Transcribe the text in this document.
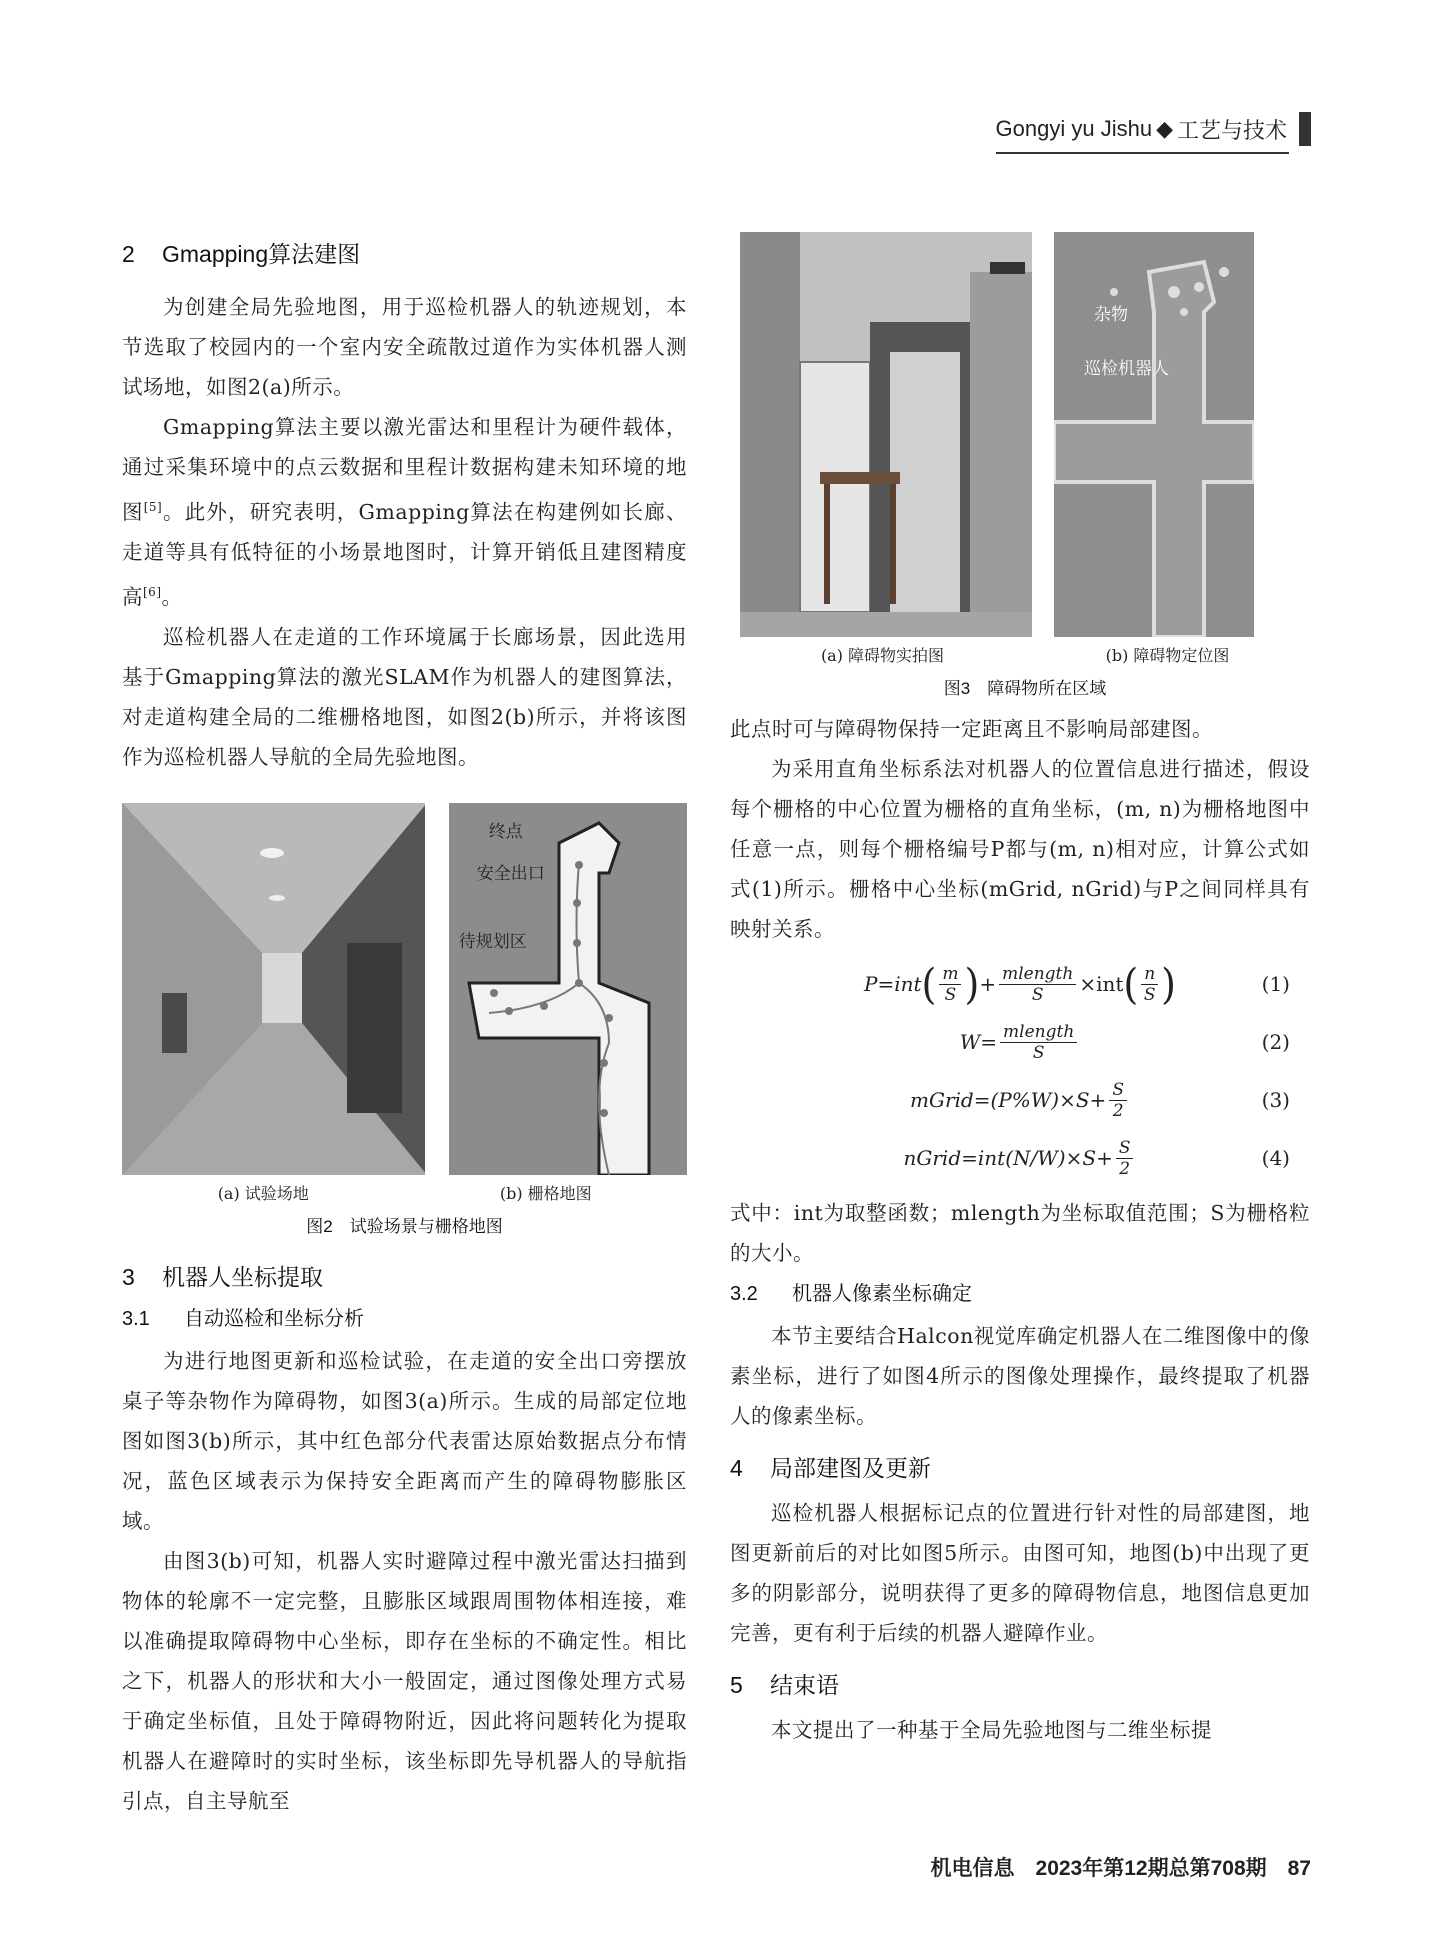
Gongyi yu Jishu ◆ 工艺与技术
2 Gmapping算法建图

为创建全局先验地图，用于巡检机器人的轨迹规划，本节选取了校园内的一个室内安全疏散过道作为实体机器人测试场地，如图2(a)所示。

Gmapping算法主要以激光雷达和里程计为硬件载体，通过采集环境中的点云数据和里程计数据构建未知环境的地图[5]。此外，研究表明，Gmapping算法在构建例如长廊、走道等具有低特征的小场景地图时，计算开销低且建图精度高[6]。

巡检机器人在走道的工作环境属于长廊场景，因此选用基于Gmapping算法的激光SLAM作为机器人的建图算法，对走道构建全局的二维栅格地图，如图2(b)所示，并将该图作为巡检机器人导航的全局先验地图。

终点
安全出口
待规划区
(a) 试验场地	(b) 栅格地图
图2　试验场景与栅格地图
3 机器人坐标提取
3.1 自动巡检和坐标分析

为进行地图更新和巡检试验，在走道的安全出口旁摆放桌子等杂物作为障碍物，如图3(a)所示。生成的局部定位地图如图3(b)所示，其中红色部分代表雷达原始数据点分布情况，蓝色区域表示为保持安全距离而产生的障碍物膨胀区域。

由图3(b)可知，机器人实时避障过程中激光雷达扫描到物体的轮廓不一定完整，且膨胀区域跟周围物体相连接，难以准确提取障碍物中心坐标，即存在坐标的不确定性。相比之下，机器人的形状和大小一般固定，通过图像处理方式易于确定坐标值，且处于障碍物附近，因此将问题转化为提取机器人在避障时的实时坐标，该坐标即先导机器人的导航指引点，自主导航至

杂物
巡检机器人
(a) 障碍物实拍图	(b) 障碍物定位图
图3　障碍物所在区域

此点时可与障碍物保持一定距离且不影响局部建图。

为采用直角坐标系法对机器人的位置信息进行描述，假设每个栅格的中心位置为栅格的直角坐标，(m, n)为栅格地图中任意一点，则每个栅格编号P都与(m, n)相对应，计算公式如式(1)所示。栅格中心坐标(mGrid, nGrid)与P之间同样具有映射关系。

P=int ( $\frac{m}{S}$ ) + $\frac{\text{mlength}}{S} \times int$ ( $\frac{n}{S}$ )	(1)
$W= \frac{\text{mlength}}{S}$	(2)
mGrid=(P%W)×S+ $\frac{S}{2}$	(3)
nGrid=int(N/W)×S+ $\frac{S}{2}$	(4)

式中：int为取整函数；mlength为坐标取值范围；S为栅格粒的大小。

3.2 机器人像素坐标确定

本节主要结合Halcon视觉库确定机器人在二维图像中的像素坐标，进行了如图4所示的图像处理操作，最终提取了机器人的像素坐标。

4 局部建图及更新

巡检机器人根据标记点的位置进行针对性的局部建图，地图更新前后的对比如图5所示。由图可知，地图(b)中出现了更多的阴影部分，说明获得了更多的障碍物信息，地图信息更加完善，更有利于后续的机器人避障作业。

5 结束语

本文提出了一种基于全局先验地图与二维坐标提

机电信息　2023年第12期总第708期　87
